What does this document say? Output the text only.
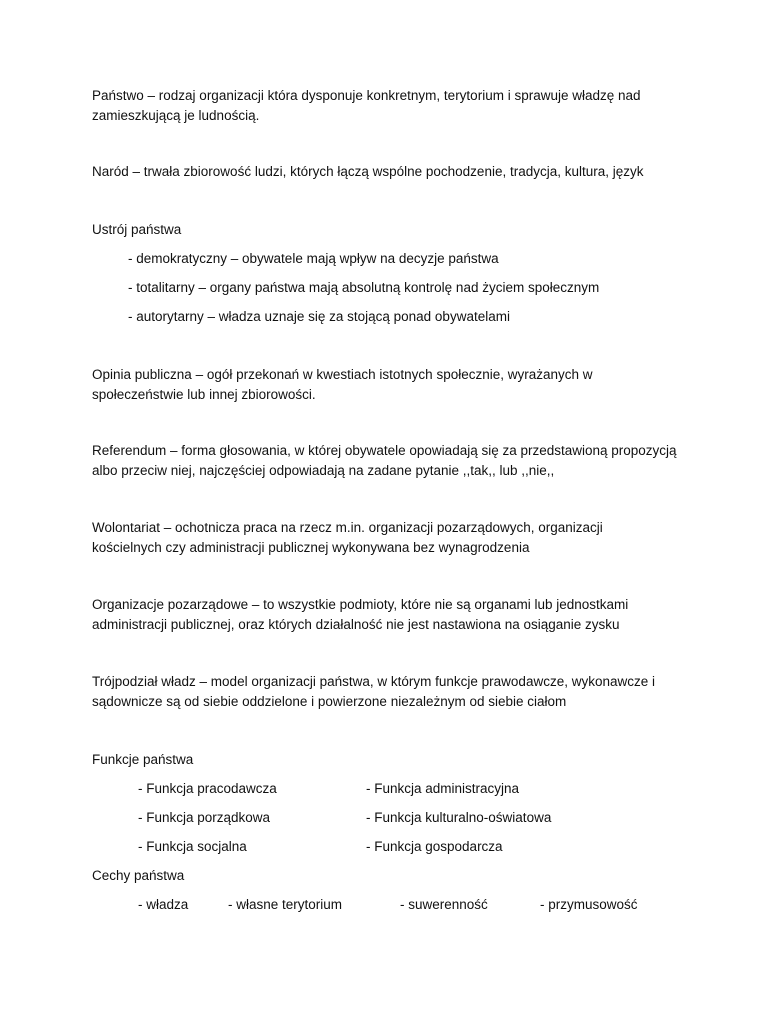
Państwo – rodzaj organizacji która dysponuje konkretnym, terytorium i sprawuje władzę nad zamieszkującą je ludnością.

Naród – trwała zbiorowość ludzi, których łączą wspólne pochodzenie, tradycja, kultura, język

Ustrój państwa
- demokratyczny – obywatele mają wpływ na decyzje państwa
- totalitarny – organy państwa mają absolutną kontrolę nad życiem społecznym
- autorytarny – władza uznaje się za stojącą ponad obywatelami

Opinia publiczna – ogół przekonań w kwestiach istotnych społecznie, wyrażanych w społeczeństwie lub innej zbiorowości.

Referendum – forma głosowania, w której obywatele opowiadają się za przedstawioną propozycją albo przeciw niej, najczęściej odpowiadają na zadane pytanie ,,tak,, lub ,,nie,,

Wolontariat – ochotnicza praca na rzecz m.in. organizacji pozarządowych, organizacji kościelnych czy administracji publicznej wykonywana bez wynagrodzenia

Organizacje pozarządowe – to wszystkie podmioty, które nie są organami lub jednostkami administracji publicznej, oraz których działalność nie jest nastawiona na osiąganie zysku

Trójpodział władz – model organizacji państwa, w którym funkcje prawodawcze, wykonawcze i sądownicze są od siebie oddzielone i powierzone niezależnym od siebie ciałom

Funkcje państwa
- Funkcja pracodawcza	- Funkcja administracyjna
- Funkcja porządkowa	- Funkcja kulturalno-oświatowa
- Funkcja socjalna	- Funkcja gospodarcza
Cechy państwa
- władza	- własne terytorium	- suwerenność	- przymusowość
